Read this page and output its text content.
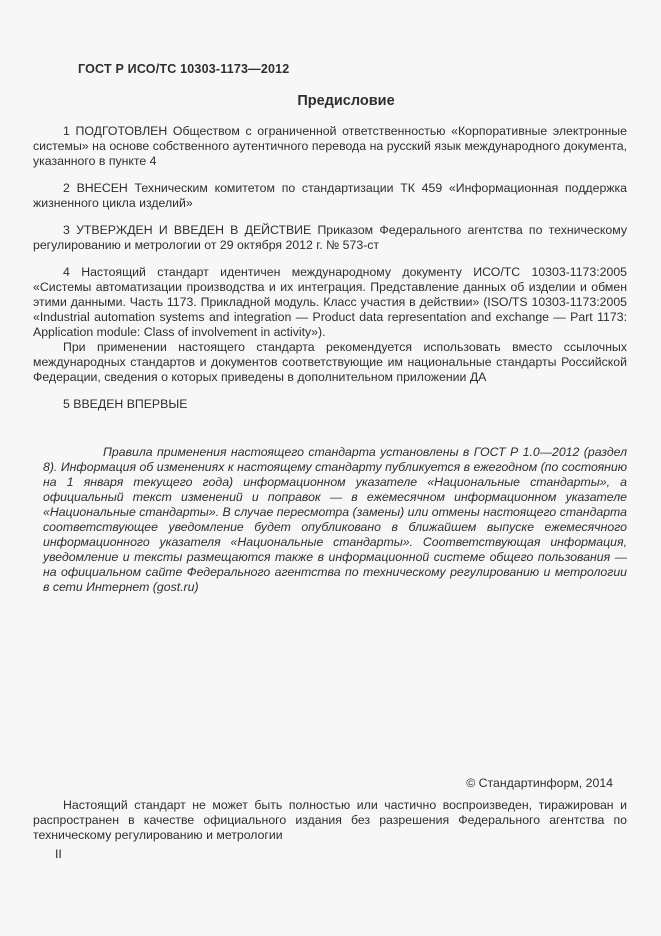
ГОСТ Р ИСО/ТС 10303-1173—2012
Предисловие

1 ПОДГОТОВЛЕН Обществом с ограниченной ответственностью «Корпоративные электронные системы» на основе собственного аутентичного перевода на русский язык международного документа, указанного в пункте 4

2 ВНЕСЕН Техническим комитетом по стандартизации ТК 459 «Информационная поддержка жизненного цикла изделий»

3 УТВЕРЖДЕН И ВВЕДЕН В ДЕЙСТВИЕ Приказом Федерального агентства по техническому регулированию и метрологии от 29 октября 2012 г. № 573-ст

4 Настоящий стандарт идентичен международному документу ИСО/ТС 10303-1173:2005 «Системы автоматизации производства и их интеграция. Представление данных об изделии и обмен этими данными. Часть 1173. Прикладной модуль. Класс участия в действии» (ISO/TS 10303-1173:2005 «Industrial automation systems and integration — Product data representation and exchange — Part 1173: Application module: Class of involvement in activity»).

При применении настоящего стандарта рекомендуется использовать вместо ссылочных международных стандартов и документов соответствующие им национальные стандарты Российской Федерации, сведения о которых приведены в дополнительном приложении ДА

5 ВВЕДЕН ВПЕРВЫЕ

Правила применения настоящего стандарта установлены в ГОСТ Р 1.0—2012 (раздел 8). Информация об изменениях к настоящему стандарту публикуется в ежегодном (по состоянию на 1 января текущего года) информационном указателе «Национальные стандарты», а официальный текст изменений и поправок — в ежемесячном информационном указателе «Национальные стандарты». В случае пересмотра (замены) или отмены настоящего стандарта соответствующее уведомление будет опубликовано в ближайшем выпуске ежемесячного информационного указателя «Национальные стандарты». Соответствующая информация, уведомление и тексты размещаются также в информационной системе общего пользования — на официальном сайте Федерального агентства по техническому регулированию и метрологии в сети Интернет (gost.ru)

© Стандартинформ, 2014
Настоящий стандарт не может быть полностью или частично воспроизведен, тиражирован и распространен в качестве официального издания без разрешения Федерального агентства по техническому регулированию и метрологии
II
